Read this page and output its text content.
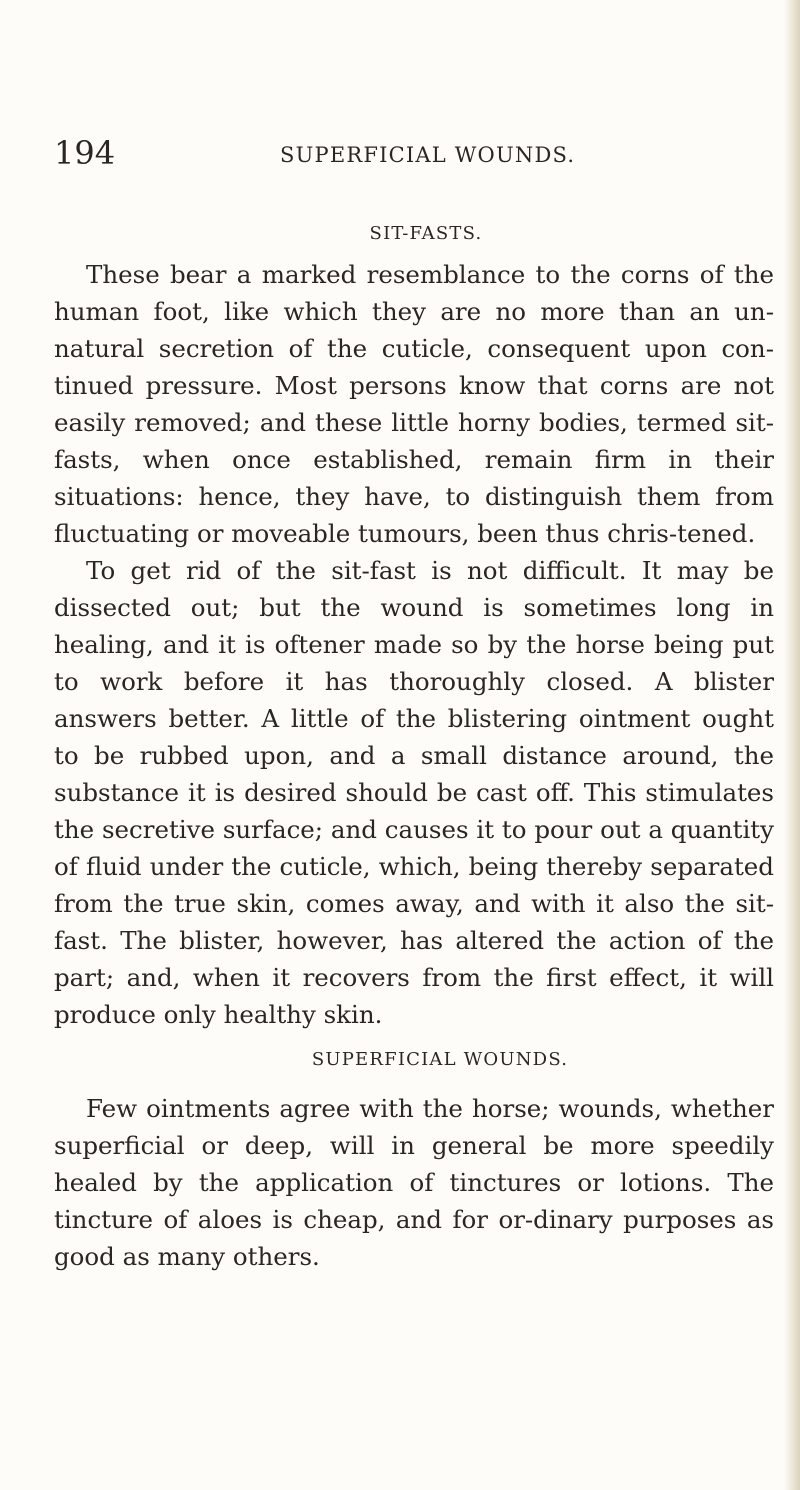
194	SUPERFICIAL WOUNDS.
SIT-FASTS.

These bear a marked resemblance to the corns of the human foot, like which they are no more than an un-natural secretion of the cuticle, consequent upon con-tinued pressure. Most persons know that corns are not easily removed; and these little horny bodies, termed sit-fasts, when once established, remain firm in their situations: hence, they have, to distinguish them from fluctuating or moveable tumours, been thus chris-tened.

To get rid of the sit-fast is not difficult. It may be dissected out; but the wound is sometimes long in healing, and it is oftener made so by the horse being put to work before it has thoroughly closed. A blister answers better. A little of the blistering ointment ought to be rubbed upon, and a small distance around, the substance it is desired should be cast off. This stimulates the secretive surface; and causes it to pour out a quantity of fluid under the cuticle, which, being thereby separated from the true skin, comes away, and with it also the sit-fast. The blister, however, has altered the action of the part; and, when it recovers from the first effect, it will produce only healthy skin.

SUPERFICIAL WOUNDS.

Few ointments agree with the horse; wounds, whether superficial or deep, will in general be more speedily healed by the application of tinctures or lotions. The tincture of aloes is cheap, and for or-dinary purposes as good as many others.
